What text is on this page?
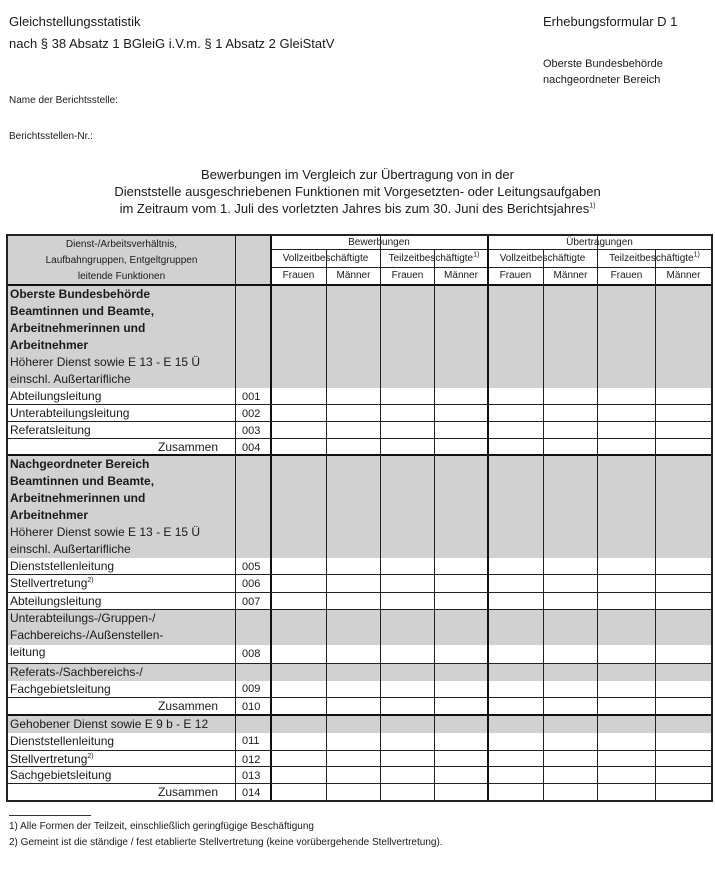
Gleichstellungsstatistik
nach § 38 Absatz 1 BGleiG i.V.m. § 1 Absatz 2 GleiStatV
Erhebungsformular D 1
Oberste Bundesbehörde
nachgeordneter Bereich
Name der Berichtsstelle:
Berichtsstellen-Nr.:
Bewerbungen im Vergleich zur Übertragung von in der
Dienststelle ausgeschriebenen Funktionen mit Vorgesetzten- oder Leitungsaufgaben
im Zeitraum vom 1. Juli des vorletzten Jahres bis zum 30. Juni des Berichtsjahres$^{1)}$
Dienst-/Arbeitsverhältnis,
Laufbahngruppen, Entgeltgruppen
leitende Funktionen
Bewerbungen	Übertragungen
Vollzeitbeschäftigte	Teilzeitbeschäftigte$^{1)}$	Vollzeitbeschäftigte	Teilzeitbeschäftigte$^{1)}$
Frauen	Männer	Frauen	Männer	Frauen	Männer	Frauen	Männer
Oberste Bundesbehörde
Beamtinnen und Beamte,
Arbeitnehmerinnen und
Arbeitnehmer
Höherer Dienst sowie E 13 - E 15 Ü
einschl. Außertarifliche
Abteilungsleitung	001
Unterabteilungsleitung	002
Referatsleitung	003
Zusammen 004
Nachgeordneter Bereich
Beamtinnen und Beamte,
Arbeitnehmerinnen und
Arbeitnehmer
Höherer Dienst sowie E 13 - E 15 Ü
einschl. Außertarifliche
Dienststellenleitung	005
Stellvertretung$^{2)}$	006
Abteilungsleitung	007
Unterabteilungs-/Gruppen-/
Fachbereichs-/Außenstellen-
leitung	008
Referats-/Sachbereichs-/
Fachgebietsleitung	009
Zusammen 010
Gehobener Dienst sowie E 9 b - E 12
Dienststellenleitung	011
Stellvertretung$^{2)}$	012
Sachgebietsleitung	013
Zusammen 014
1) Alle Formen der Teilzeit, einschließlich geringfügige Beschäftigung
2) Gemeint ist die ständige / fest etablierte Stellvertretung (keine vorübergehende Stellvertretung).
